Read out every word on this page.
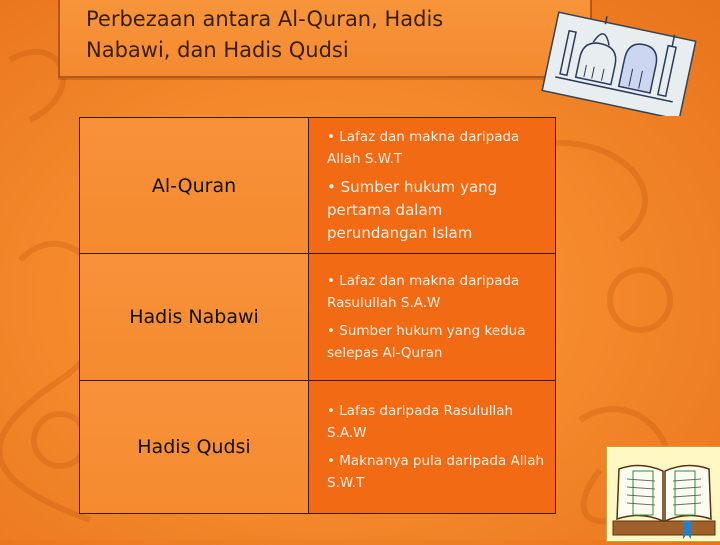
Perbezaan antara Al-Quran, Hadis
Nabawi, dan Hadis Qudsi
Al-Quran	• Lafaz dan makna daripada Allah S.W.T
• Sumber hukum yang pertama dalam perundangan Islam

Hadis Nabawi	• Lafaz dan makna daripada Rasulullah S.A.W
• Sumber hukum yang kedua selepas Al-Quran

Hadis Qudsi	• Lafas daripada Rasulullah S.A.W
• Maknanya pula daripada Allah S.W.T
